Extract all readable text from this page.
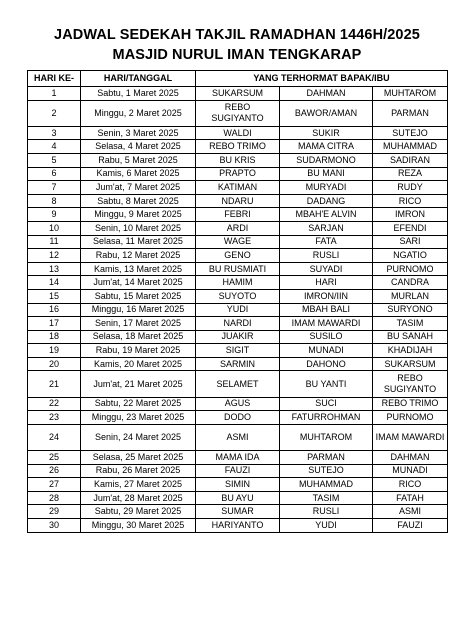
JADWAL SEDEKAH TAKJIL RAMADHAN 1446H/2025
MASJID NURUL IMAN TENGKARAP
HARI KE-	HARI/TANGGAL	YANG TERHORMAT BAPAK/IBU		
1	Sabtu, 1 Maret 2025	SUKARSUM	DAHMAN	MUHTAROM
2	Minggu, 2 Maret 2025	REBO SUGIYANTO	BAWOR/AMAN	PARMAN
3	Senin, 3 Maret 2025	WALDI	SUKIR	SUTEJO
4	Selasa, 4 Maret 2025	REBO TRIMO	MAMA CITRA	MUHAMMAD
5	Rabu, 5 Maret 2025	BU KRIS	SUDARMONO	SADIRAN
6	Kamis, 6 Maret 2025	PRAPTO	BU MANI	REZA
7	Jum'at, 7 Maret 2025	KATIMAN	MURYADI	RUDY
8	Sabtu, 8 Maret 2025	NDARU	DADANG	RICO
9	Minggu, 9 Maret 2025	FEBRI	MBAH'E ALVIN	IMRON
10	Senin, 10 Maret 2025	ARDI	SARJAN	EFENDI
11	Selasa, 11 Maret 2025	WAGE	FATA	SARI
12	Rabu, 12 Maret 2025	GENO	RUSLI	NGATIO
13	Kamis, 13 Maret 2025	BU RUSMIATI	SUYADI	PURNOMO
14	Jum'at, 14 Maret 2025	HAMIM	HARI	CANDRA
15	Sabtu, 15 Maret 2025	SUYOTO	IMRON/IIN	MURLAN
16	Minggu, 16 Maret 2025	YUDI	MBAH BALI	SURYONO
17	Senin, 17 Maret 2025	NARDI	IMAM MAWARDI	TASIM
18	Selasa, 18 Maret 2025	JUAKIR	SUSILO	BU SANAH
19	Rabu, 19 Maret 2025	SIGIT	MUNADI	KHADIJAH
20	Kamis, 20 Maret 2025	SARMIN	DAHONO	SUKARSUM
21	Jum'at, 21 Maret 2025	SELAMET	BU YANTI	REBO SUGIYANTO
22	Sabtu, 22 Maret 2025	AGUS	SUCI	REBO TRIMO
23	Minggu, 23 Maret 2025	DODO	FATURROHMAN	PURNOMO
24	Senin, 24 Maret 2025	ASMI	MUHTAROM	IMAM MAWARDI
25	Selasa, 25 Maret 2025	MAMA IDA	PARMAN	DAHMAN
26	Rabu, 26 Maret 2025	FAUZI	SUTEJO	MUNADI
27	Kamis, 27 Maret 2025	SIMIN	MUHAMMAD	RICO
28	Jum'at, 28 Maret 2025	BU AYU	TASIM	FATAH
29	Sabtu, 29 Maret 2025	SUMAR	RUSLI	ASMI
30	Minggu, 30 Maret 2025	HARIYANTO	YUDI	FAUZI
